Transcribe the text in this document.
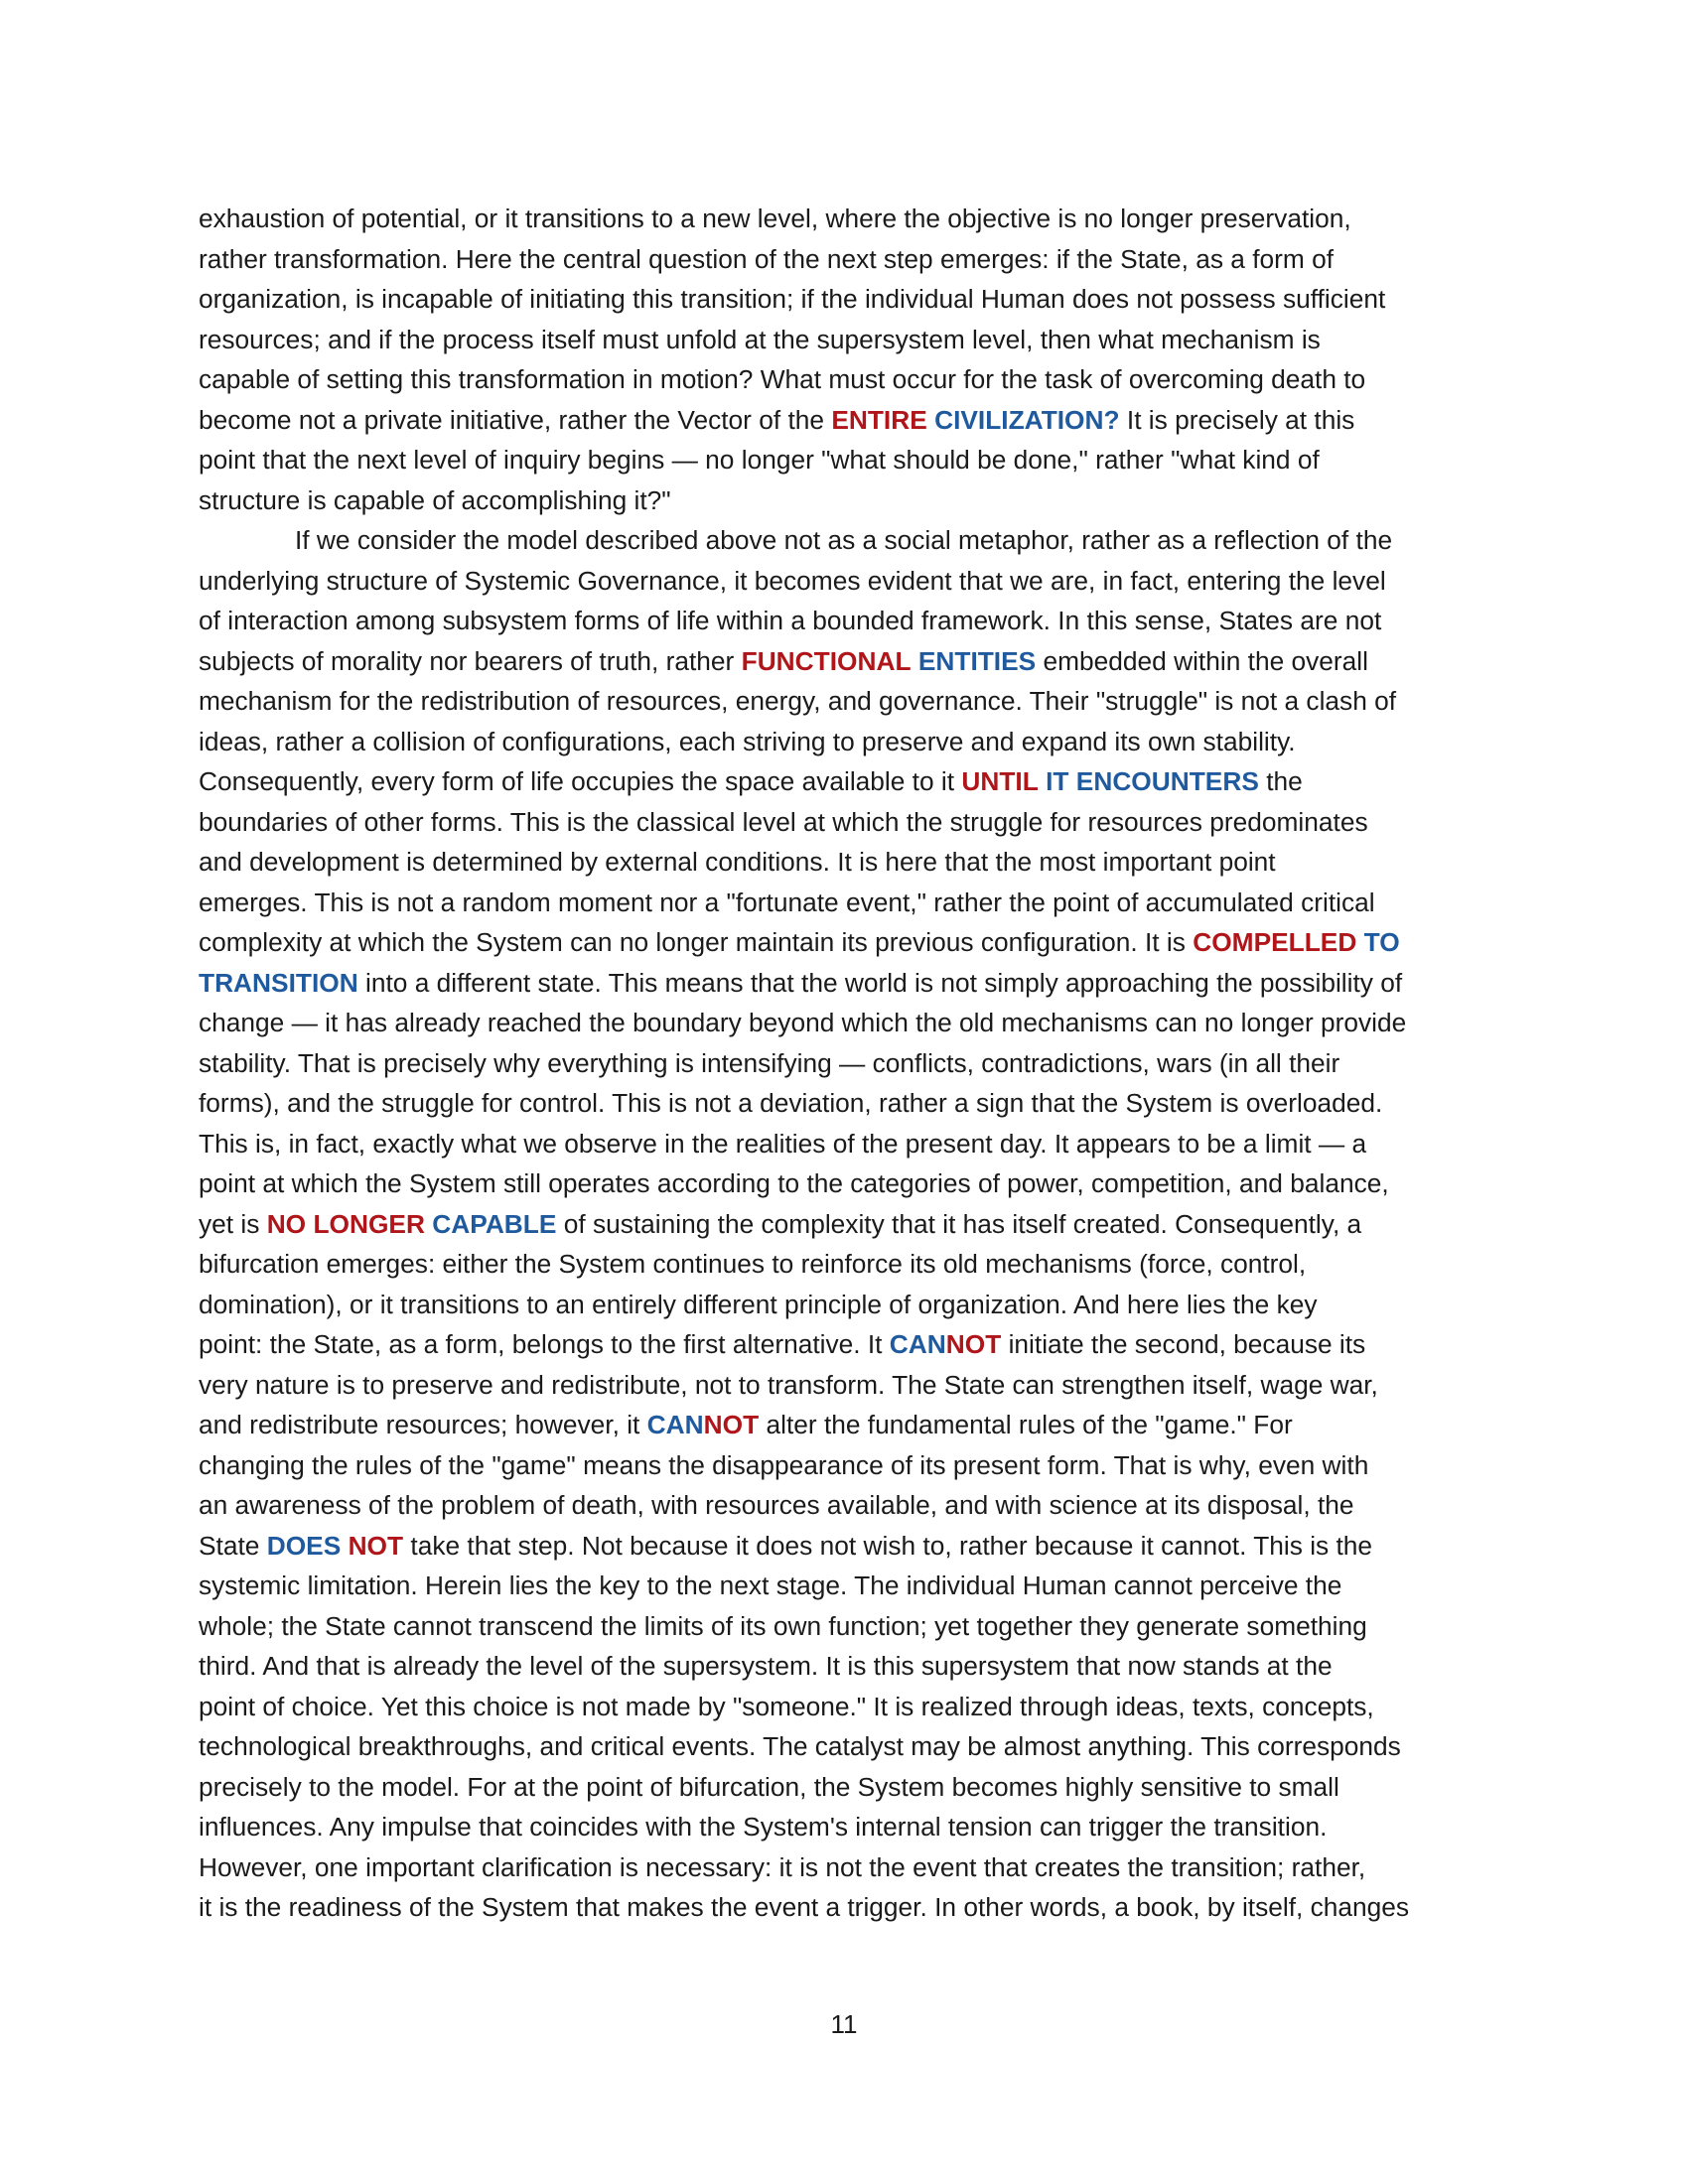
exhaustion of potential, or it transitions to a new level, where the objective is no longer preservation,
rather transformation. Here the central question of the next step emerges: if the State, as a form of
organization, is incapable of initiating this transition; if the individual Human does not possess sufficient
resources; and if the process itself must unfold at the supersystem level, then what mechanism is
capable of setting this transformation in motion? What must occur for the task of overcoming death to
become not a private initiative, rather the Vector of the ENTIRE CIVILIZATION? It is precisely at this
point that the next level of inquiry begins — no longer "what should be done," rather "what kind of
structure is capable of accomplishing it?"
If we consider the model described above not as a social metaphor, rather as a reflection of the
underlying structure of Systemic Governance, it becomes evident that we are, in fact, entering the level
of interaction among subsystem forms of life within a bounded framework. In this sense, States are not
subjects of morality nor bearers of truth, rather FUNCTIONAL ENTITIES embedded within the overall
mechanism for the redistribution of resources, energy, and governance. Their "struggle" is not a clash of
ideas, rather a collision of configurations, each striving to preserve and expand its own stability.
Consequently, every form of life occupies the space available to it UNTIL IT ENCOUNTERS the
boundaries of other forms. This is the classical level at which the struggle for resources predominates
and development is determined by external conditions. It is here that the most important point
emerges. This is not a random moment nor a "fortunate event," rather the point of accumulated critical
complexity at which the System can no longer maintain its previous configuration. It is COMPELLED TO
TRANSITION into a different state. This means that the world is not simply approaching the possibility of
change — it has already reached the boundary beyond which the old mechanisms can no longer provide
stability. That is precisely why everything is intensifying — conflicts, contradictions, wars (in all their
forms), and the struggle for control. This is not a deviation, rather a sign that the System is overloaded.
This is, in fact, exactly what we observe in the realities of the present day. It appears to be a limit — a
point at which the System still operates according to the categories of power, competition, and balance,
yet is NO LONGER CAPABLE of sustaining the complexity that it has itself created. Consequently, a
bifurcation emerges: either the System continues to reinforce its old mechanisms (force, control,
domination), or it transitions to an entirely different principle of organization. And here lies the key
point: the State, as a form, belongs to the first alternative. It CANNOT initiate the second, because its
very nature is to preserve and redistribute, not to transform. The State can strengthen itself, wage war,
and redistribute resources; however, it CANNOT alter the fundamental rules of the "game." For
changing the rules of the "game" means the disappearance of its present form. That is why, even with
an awareness of the problem of death, with resources available, and with science at its disposal, the
State DOES NOT take that step. Not because it does not wish to, rather because it cannot. This is the
systemic limitation. Herein lies the key to the next stage. The individual Human cannot perceive the
whole; the State cannot transcend the limits of its own function; yet together they generate something
third. And that is already the level of the supersystem. It is this supersystem that now stands at the
point of choice. Yet this choice is not made by "someone." It is realized through ideas, texts, concepts,
technological breakthroughs, and critical events. The catalyst may be almost anything. This corresponds
precisely to the model. For at the point of bifurcation, the System becomes highly sensitive to small
influences. Any impulse that coincides with the System's internal tension can trigger the transition.
However, one important clarification is necessary: it is not the event that creates the transition; rather,
it is the readiness of the System that makes the event a trigger. In other words, a book, by itself, changes
11
